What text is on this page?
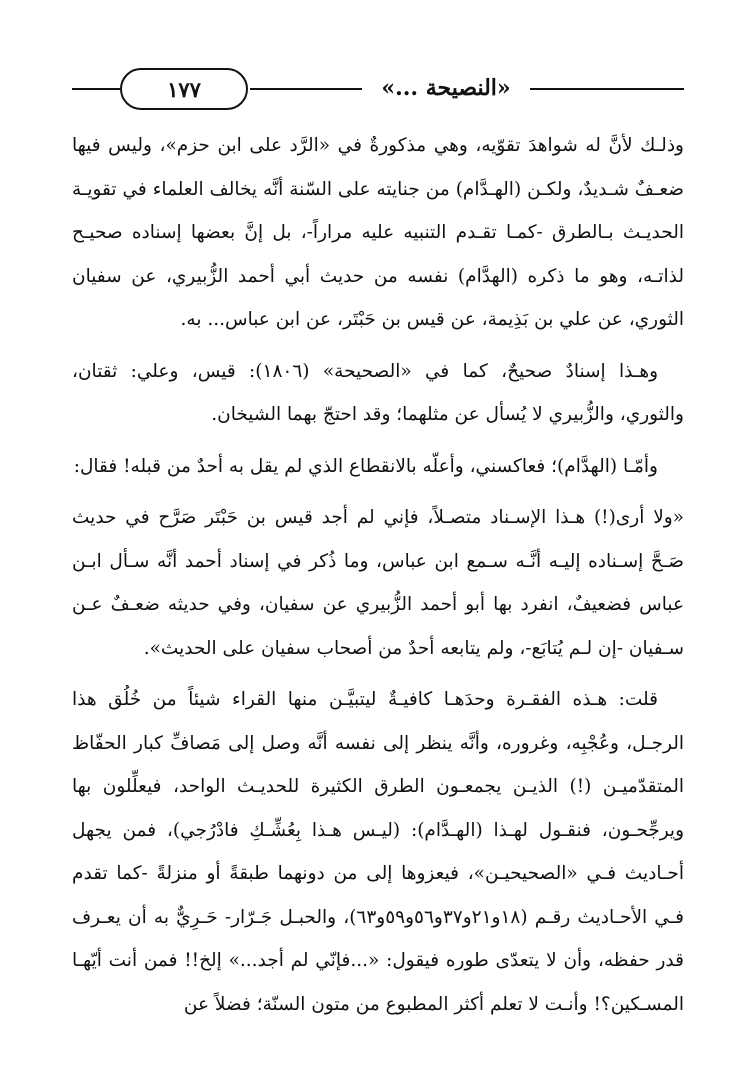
١٧٧	«النصيحة ...»

وذلـك لأنَّ له شواهدَ تقوّيه، وهي مذكورةٌ في «الرَّد على ابن حزم»، وليس فيها ضعـفٌ شـديدٌ، ولكـن (الهـدَّام) من جنايته على السّنة أنَّه يخالف العلماء في تقويـة الحديـث بـالطرق -كمـا تقـدم التنبيه عليه مراراً-، بل إنَّ بعضها إسناده صحيـح لذاتـه، وهو ما ذكره (الهدَّام) نفسه من حديث أبي أحمد الزُّبيري، عن سفيان الثوري، عن علي بن بَذِيمة، عن قيس بن حَبْتَر، عن ابن عباس... به.

وهـذا إسنادٌ صحيحٌ، كما في «الصحيحة» (١٨٠٦): قيس، وعلي: ثقتان، والثوري، والزُّبيري لا يُسأل عن مثلهما؛ وقد احتجّ بهما الشيخان.

وأمّـا (الهدَّام)؛ فعاكسني، وأعلّه بالانقطاع الذي لم يقل به أحدٌ من قبله! فقال:

«ولا أرى(!) هـذا الإسـناد متصـلاً، فإني لم أجد قيس بن حَبْتَر صَرَّح في حديث صَـحَّ إسـناده إليـه أنَّـه سـمع ابن عباس، وما ذُكر في إسناد أحمد أنَّه سـأل ابـن عباس فضعيفٌ، انفرد بها أبو أحمد الزُّبيري عن سفيان، وفي حديثه ضعـفٌ عـن سـفيان -إن لـم يُتابَع-، ولم يتابعه أحدٌ من أصحاب سفيان على الحديث».

قلت: هـذه الفقـرة وحدَهـا كافيـةٌ ليتبيَّـن منها القراء شيئاً من خُلُق هذا الرجـل، وعُجْبِه، وغروره، وأنَّه ينظر إلى نفسه أنَّه وصل إلى مَصافِّ كبار الحفّاظ المتقدّميـن (!) الذيـن يجمعـون الطرق الكثيرة للحديـث الواحد، فيعلِّلون بها ويرجِّحـون، فنقـول لهـذا (الهـدَّام): (ليـس هـذا بِعُشِّـكِ فادْرُجي)، فمن يجهل أحـاديث فـي «الصحيحيـن»، فيعزوها إلى من دونهما طبقةً أو منزلةً -كما تقدم فـي الأحـاديث رقـم (١٨و٢١و٣٧و٥٦و٥٩و٦٣)، والحبـل جَـرّار- حَـرِيٌّ به أن يعـرف قدر حفظه، وأن لا يتعدّى طوره فيقول: «...فإنّي لم أجد...» إلخ!! فمن أنت أيّهـا المسـكين؟! وأنـت لا تعلم أكثر المطبوع من متون السنّة؛ فضلاً عن
